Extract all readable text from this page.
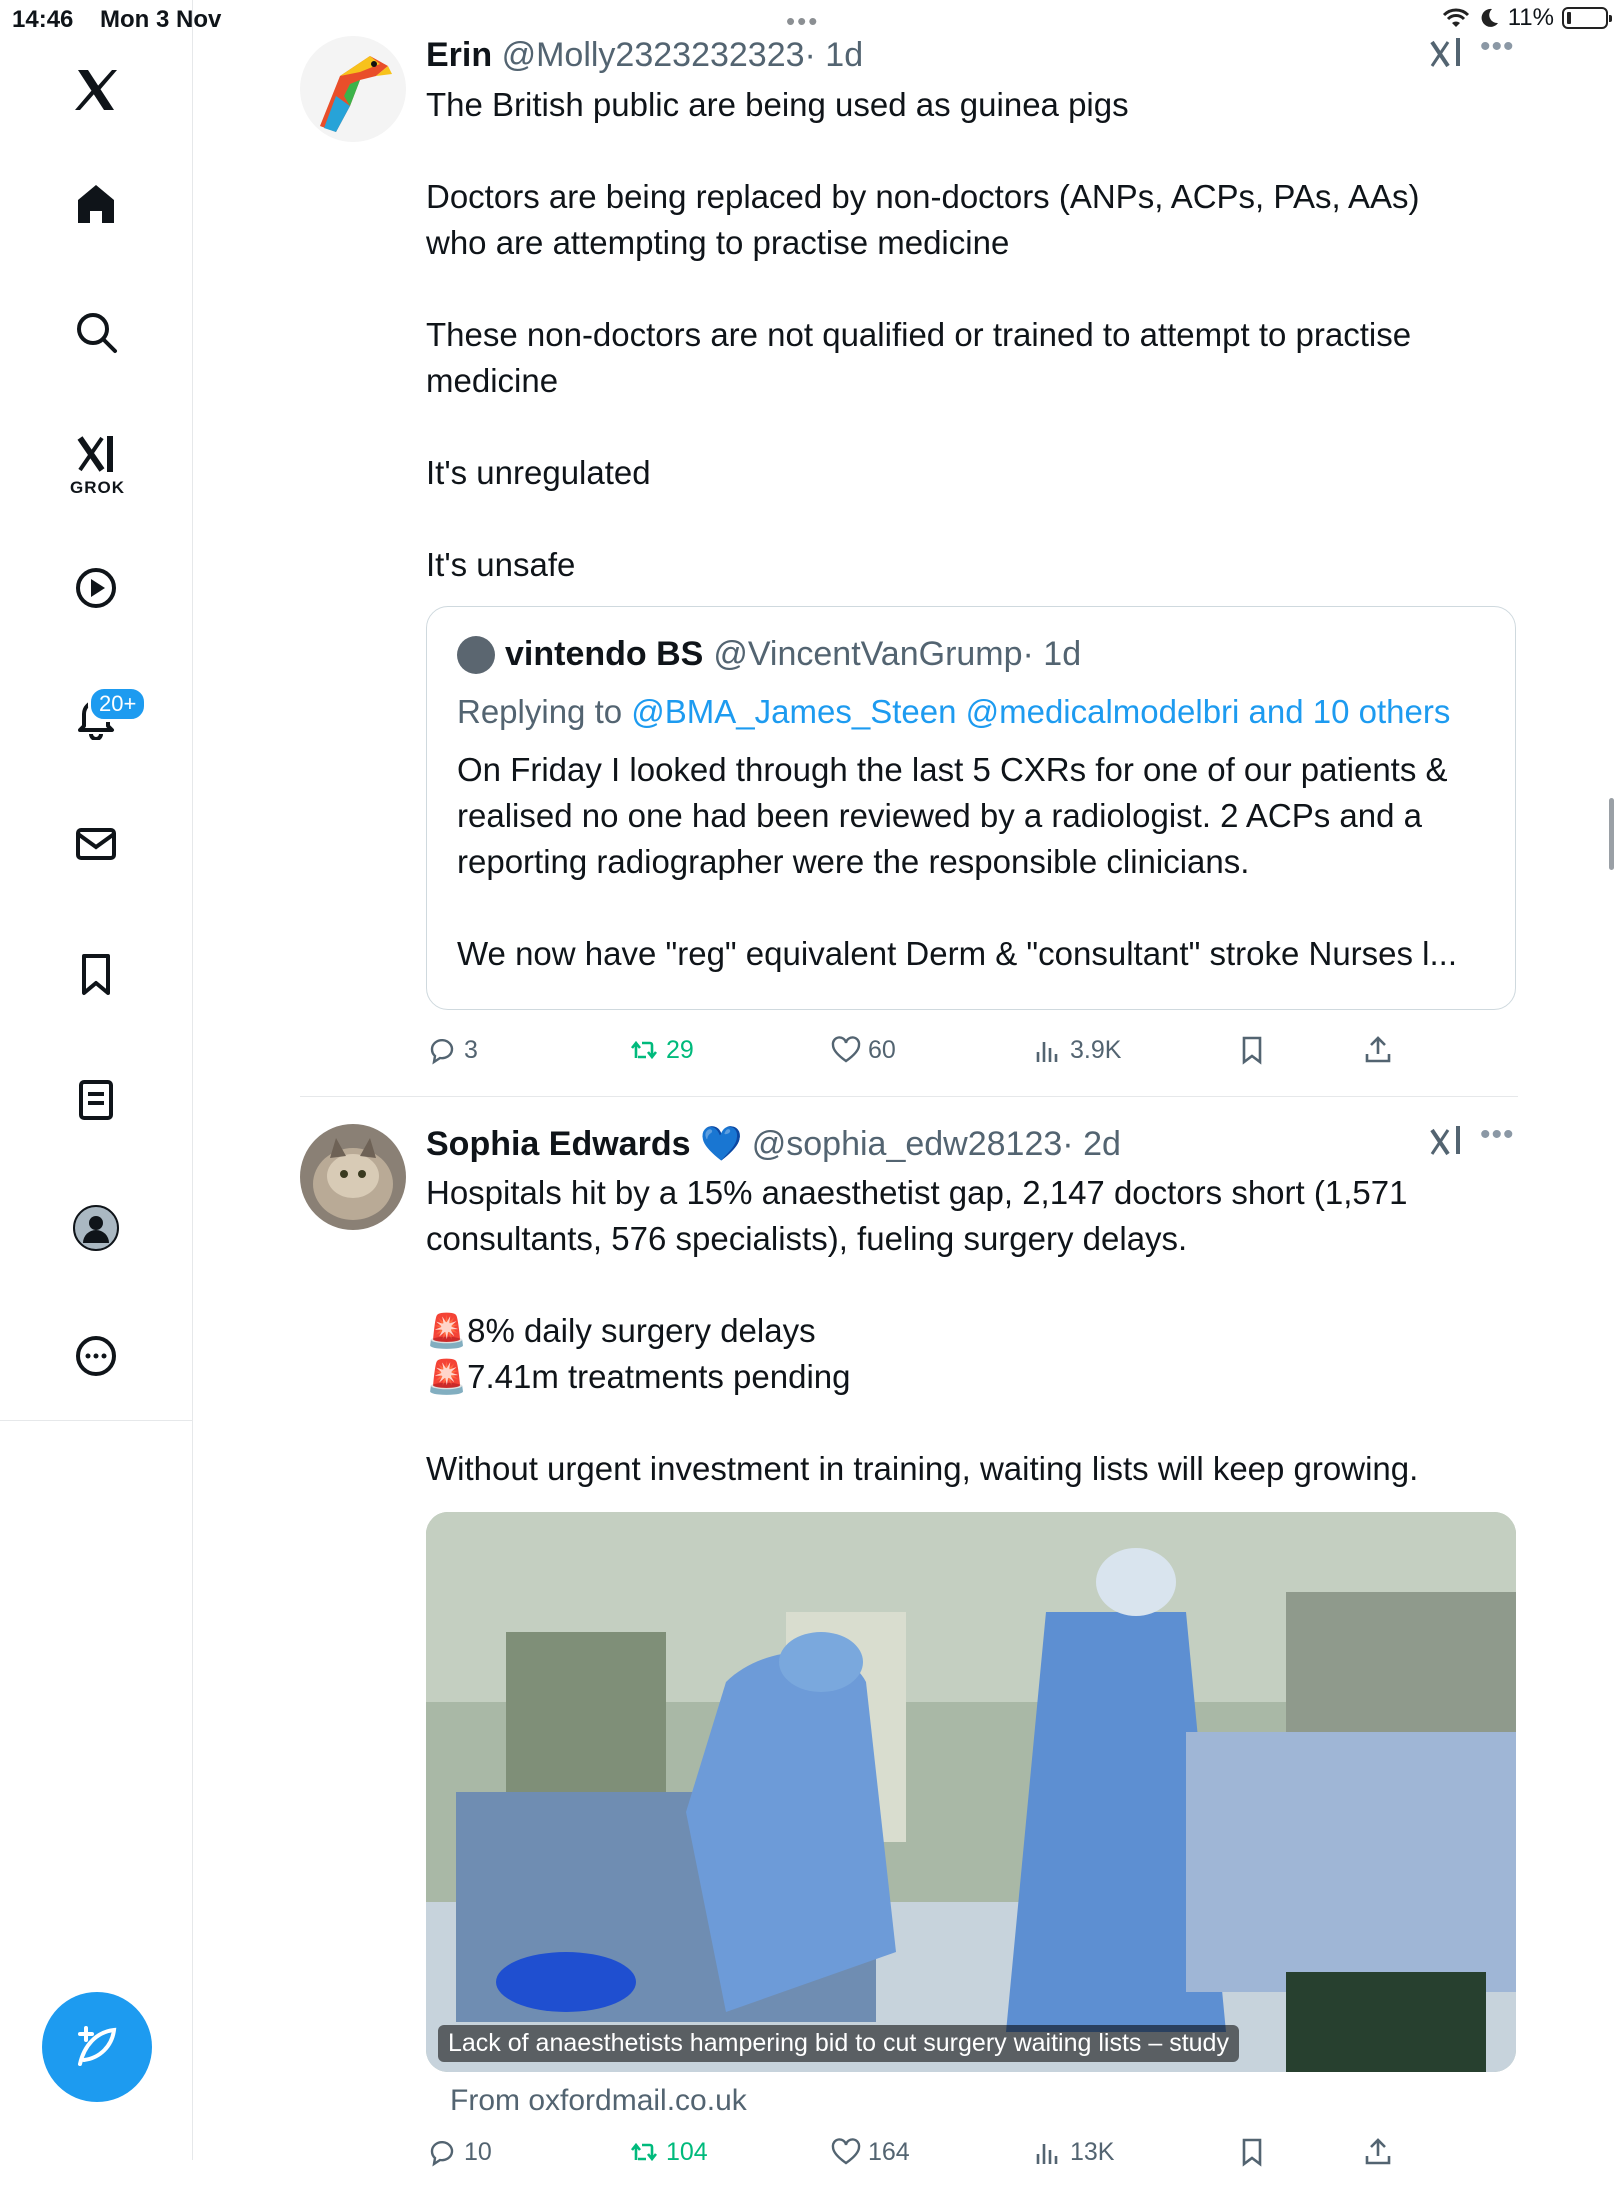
14:46 Mon 3 Nov	•••	11%
GROK
20+
Erin @Molly2323232323· 1d	•••

The British public are being used as guinea pigs

Doctors are being replaced by non-doctors (ANPs, ACPs, PAs, AAs) who are attempting to practise medicine

These non-doctors are not qualified or trained to attempt to practise medicine

It's unregulated

It's unsafe

vintendo BS @VincentVanGrump· 1d
Replying to @BMA_James_Steen @medicalmodelbri and 10 others

On Friday I looked through the last 5 CXRs for one of our patients & realised no one had been reviewed by a radiologist. 2 ACPs and a reporting radiographer were the responsible clinicians.

We now have "reg" equivalent Derm & "consultant" stroke Nurses l...

3	29	60	3.9K
Sophia Edwards 💙 @sophia_edw28123· 2d	•••

Hospitals hit by a 15% anaesthetist gap, 2,147 doctors short (1,571 consultants, 576 specialists), fueling surgery delays.

🚨8% daily surgery delays

🚨7.41m treatments pending

Without urgent investment in training, waiting lists will keep growing.

Lack of anaesthetists hampering bid to cut surgery waiting lists – study
From oxfordmail.co.uk
10	104	164	13K
